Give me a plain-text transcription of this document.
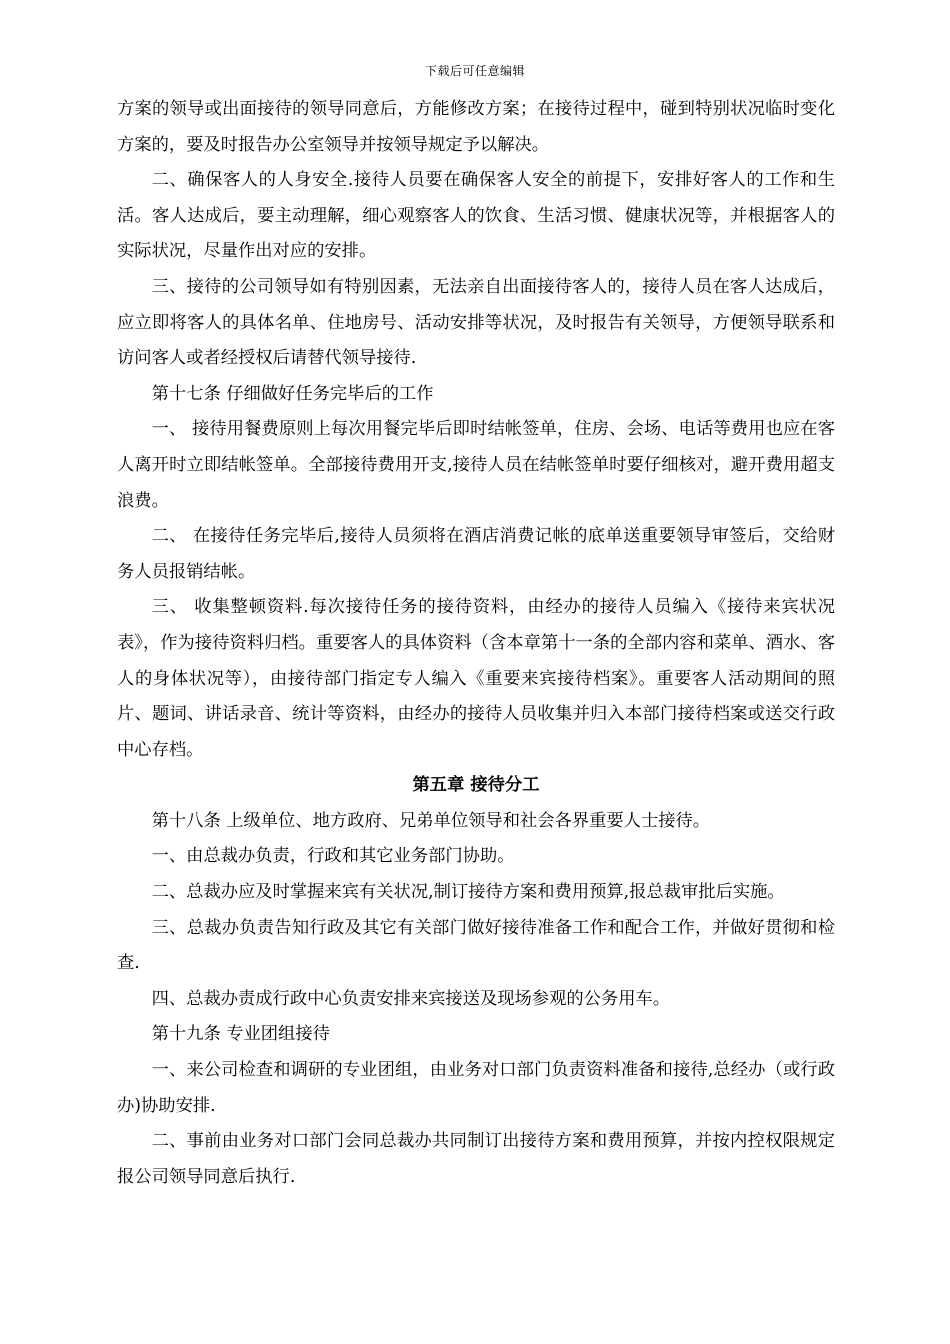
下载后可任意编辑

方案的领导或出面接待的领导同意后，方能修改方案；在接待过程中，碰到特别状况临时变化方案的，要及时报告办公室领导并按领导规定予以解决。

二、确保客人的人身安全.接待人员要在确保客人安全的前提下，安排好客人的工作和生活。客人达成后，要主动理解，细心观察客人的饮食、生活习惯、健康状况等，并根据客人的实际状况，尽量作出对应的安排。

三、接待的公司领导如有特别因素，无法亲自出面接待客人的，接待人员在客人达成后，应立即将客人的具体名单、住地房号、活动安排等状况，及时报告有关领导，方便领导联系和访问客人或者经授权后请替代领导接待.

第十七条 仔细做好任务完毕后的工作

一、 接待用餐费原则上每次用餐完毕后即时结帐签单，住房、会场、电话等费用也应在客人离开时立即结帐签单。全部接待费用开支,接待人员在结帐签单时要仔细核对，避开费用超支浪费。

二、 在接待任务完毕后,接待人员须将在酒店消费记帐的底单送重要领导审签后，交给财务人员报销结帐。

三、 收集整顿资料.每次接待任务的接待资料，由经办的接待人员编入《接待来宾状况表》，作为接待资料归档。重要客人的具体资料（含本章第十一条的全部内容和菜单、酒水、客人的身体状况等），由接待部门指定专人编入《重要来宾接待档案》。重要客人活动期间的照片、题词、讲话录音、统计等资料，由经办的接待人员收集并归入本部门接待档案或送交行政中心存档。

第五章 接待分工

第十八条 上级单位、地方政府、兄弟单位领导和社会各界重要人士接待。

一、由总裁办负责，行政和其它业务部门协助。

二、总裁办应及时掌握来宾有关状况,制订接待方案和费用预算,报总裁审批后实施。

三、总裁办负责告知行政及其它有关部门做好接待准备工作和配合工作，并做好贯彻和检查.

四、总裁办责成行政中心负责安排来宾接送及现场参观的公务用车。

第十九条 专业团组接待

一、来公司检查和调研的专业团组，由业务对口部门负责资料准备和接待,总经办（或行政办)协助安排.

二、事前由业务对口部门会同总裁办共同制订出接待方案和费用预算，并按内控权限规定报公司领导同意后执行.
